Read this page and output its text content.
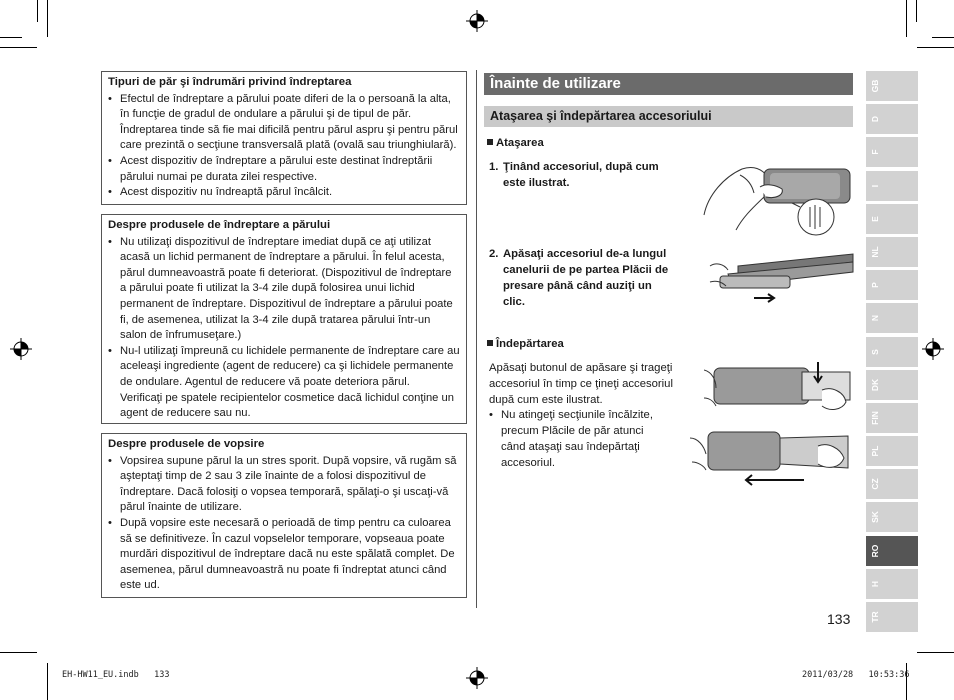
Tipuri de păr şi îndrumări privind îndreptarea
• Efectul de îndreptare a părului poate diferi de la o persoană la alta, în funcţie de gradul de ondulare a părului şi de tipul de păr.
Îndreptarea tinde să fie mai dificilă pentru părul aspru şi pentru părul care prezintă o secţiune transversală plată (ovală sau triunghiulară).
• Acest dispozitiv de îndreptare a părului este destinat îndreptării părului numai pe durata zilei respective.
• Acest dispozitiv nu îndreaptă părul încâlcit.
Despre produsele de îndreptare a părului
• Nu utilizaţi dispozitivul de îndreptare imediat după ce aţi utilizat acasă un lichid permanent de îndreptare a părului. În felul acesta, părul dumneavoastră poate fi deteriorat. (Dispozitivul de îndreptare a părului poate fi utilizat la 3-4 zile după folosirea unui lichid permanent de îndreptare. Dispozitivul de îndreptare a părului poate fi, de asemenea, utilizat la 3-4 zile după tratarea părului într-un salon de înfrumuseţare.)
• Nu-l utilizaţi împreună cu lichidele permanente de îndreptare care au aceleaşi ingrediente (agent de reducere) ca şi lichidele permanente de ondulare. Agentul de reducere vă poate deteriora părul.
Verificaţi pe spatele recipientelor cosmetice dacă lichidul conţine un agent de reducere sau nu.
Despre produsele de vopsire
• Vopsirea supune părul la un stres sporit. După vopsire, vă rugăm să aşteptaţi timp de 2 sau 3 zile înainte de a folosi dispozitivul de îndreptare. Dacă folosiţi o vopsea temporară, spălaţi-o şi uscaţi-vă părul înainte de utilizare.
• După vopsire este necesară o perioadă de timp pentru ca culoarea să se definitiveze. În cazul vopselelor temporare, vopseaua poate murdări dispozitivul de îndreptare dacă nu este spălată complet. De asemenea, părul dumneavoastră nu poate fi îndreptat atunci când este ud.
Înainte de utilizare
Ataşarea şi îndepărtarea accesoriului
Ataşarea
1. Ţinând accesoriul, după cum este ilustrat.
2. Apăsaţi accesoriul de-a lungul canelurii de pe partea Plăcii de presare până când auziţi un clic.
Îndepărtarea
Apăsaţi butonul de apăsare şi trageţi accesoriul în timp ce ţineţi accesoriul după cum este ilustrat.
• Nu atingeţi secţiunile încălzite, precum Plăcile de păr atunci când ataşaţi sau îndepărtaţi accesoriul.
GB
D
F
I
E
NL
P
N
S
DK
FIN
PL
CZ
SK
RO
H
TR
133
EH-HW11_EU.indb   133	2011/03/28   10:53:36
